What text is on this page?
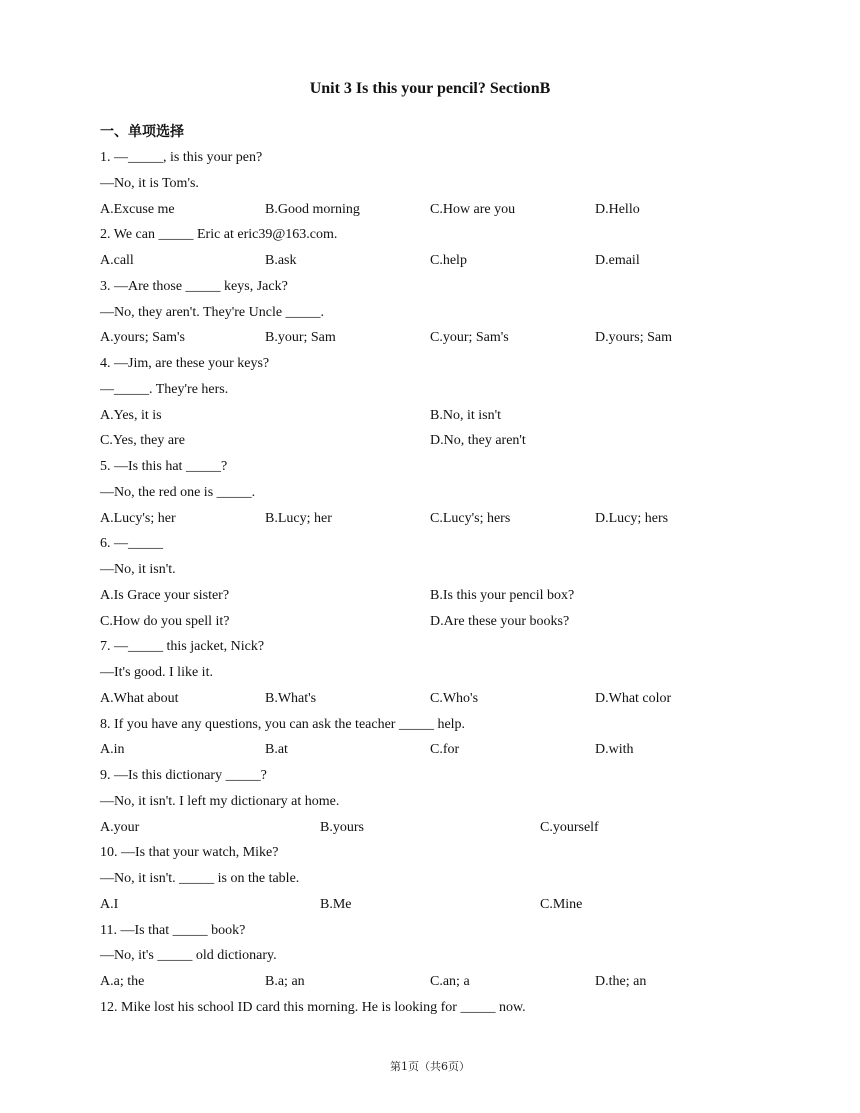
Unit 3 Is this your pencil? SectionB
一、单项选择
1. —_____, is this your pen?
—No, it is Tom's.
A.Excuse me	B.Good morning	C.How are you	D.Hello
2. We can _____ Eric at eric39@163.com.
A.call	B.ask	C.help	D.email
3. —Are those _____ keys, Jack?
—No, they aren't. They're Uncle _____.
A.yours; Sam's	B.your; Sam	C.your; Sam's	D.yours; Sam
4. —Jim, are these your keys?
—_____. They're hers.
A.Yes, it is	B.No, it isn't
C.Yes, they are	D.No, they aren't
5. —Is this hat _____?
—No, the red one is _____.
A.Lucy's; her	B.Lucy; her	C.Lucy's; hers	D.Lucy; hers
6. —_____
—No, it isn't.
A.Is Grace your sister?	B.Is this your pencil box?
C.How do you spell it?	D.Are these your books?
7. —_____ this jacket, Nick?
—It's good. I like it.
A.What about	B.What's	C.Who's	D.What color
8. If you have any questions, you can ask the teacher _____ help.
A.in	B.at	C.for	D.with
9. —Is this dictionary _____?
—No, it isn't. I left my dictionary at home.
A.your	B.yours	C.yourself
10. —Is that your watch, Mike?
—No, it isn't. _____ is on the table.
A.I	B.Me	C.Mine
11. —Is that _____ book?
—No, it's _____ old dictionary.
A.a; the	B.a; an	C.an; a	D.the; an
12. Mike lost his school ID card this morning. He is looking for _____ now.
第1页（共6页）
